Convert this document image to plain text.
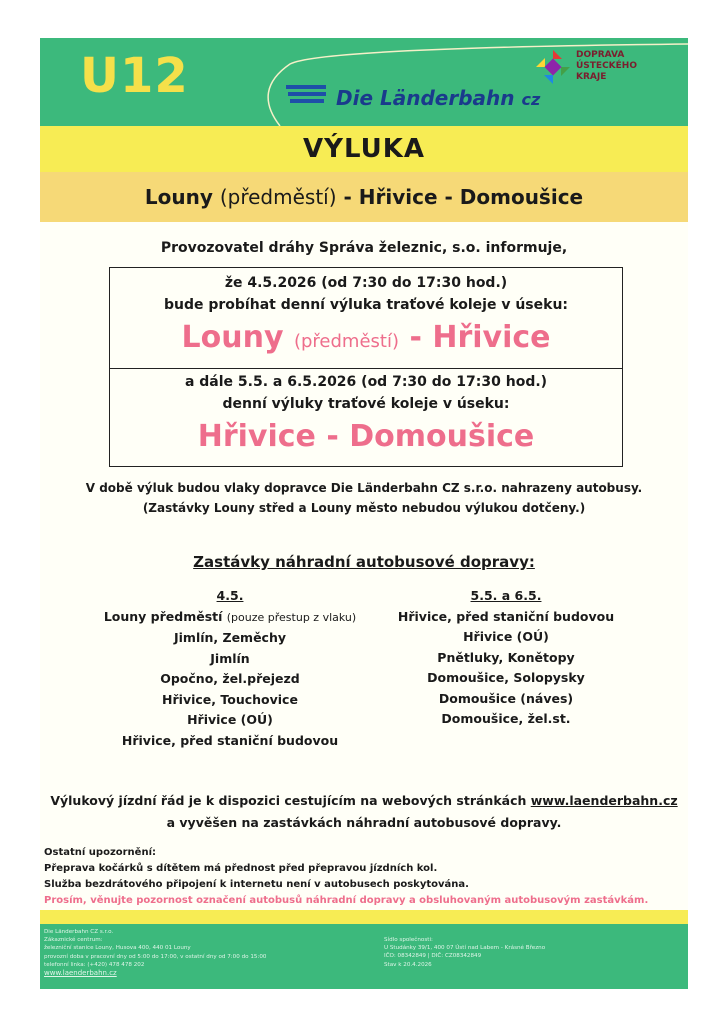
U12	Die Länderbahn cz
DOPRAVA
ÚSTECKÉHO
KRAJE
VÝLUKA
Louny (předměstí) - Hřivice - Domoušice
Provozovatel dráhy Správa železnic, s.o. informuje,
že 4.5.2026 (od 7:30 do 17:30 hod.)
bude probíhat denní výluka traťové koleje v úseku:
Louny (předměstí) - Hřivice
a dále 5.5. a 6.5.2026 (od 7:30 do 17:30 hod.)
denní výluky traťové koleje v úseku:
Hřivice - Domoušice
V době výluk budou vlaky dopravce Die Länderbahn CZ s.r.o. nahrazeny autobusy.
(Zastávky Louny střed a Louny město nebudou výlukou dotčeny.)
Zastávky náhradní autobusové dopravy:
4.5.
Louny předměstí (pouze přestup z vlaku)
Jimlín, Zeměchy
Jimlín
Opočno, žel.přejezd
Hřivice, Touchovice
Hřivice (OÚ)
Hřivice, před staniční budovou
5.5. a 6.5.
Hřivice, před staniční budovou
Hřivice (OÚ)
Pnětluky, Konětopy
Domoušice, Solopysky
Domoušice (náves)
Domoušice, žel.st.
Výlukový jízdní řád je k dispozici cestujícím na webových stránkách www.laenderbahn.cz
a vyvěšen na zastávkách náhradní autobusové dopravy.
Ostatní upozornění:
Přeprava kočárků s dítětem má přednost před přepravou jízdních kol.
Služba bezdrátového připojení k internetu není v autobusech poskytována.
Prosím, věnujte pozornost označení autobusů náhradní dopravy a obsluhovaným autobusovým zastávkám.
Die Länderbahn CZ s.r.o.
Zákaznické centrum:
železniční stanice Louny, Husova 400, 440 01 Louny
provozní doba v pracovní dny od 5:00 do 17:00, v ostatní dny od 7:00 do 15:00
telefonní linka: (+420) 478 478 202
www.laenderbahn.cz
Sídlo společnosti:
U Studánky 39/1, 400 07 Ústí nad Labem - Krásné Březno
IČO: 08342849 | DIČ: CZ08342849
Stav k 20.4.2026
